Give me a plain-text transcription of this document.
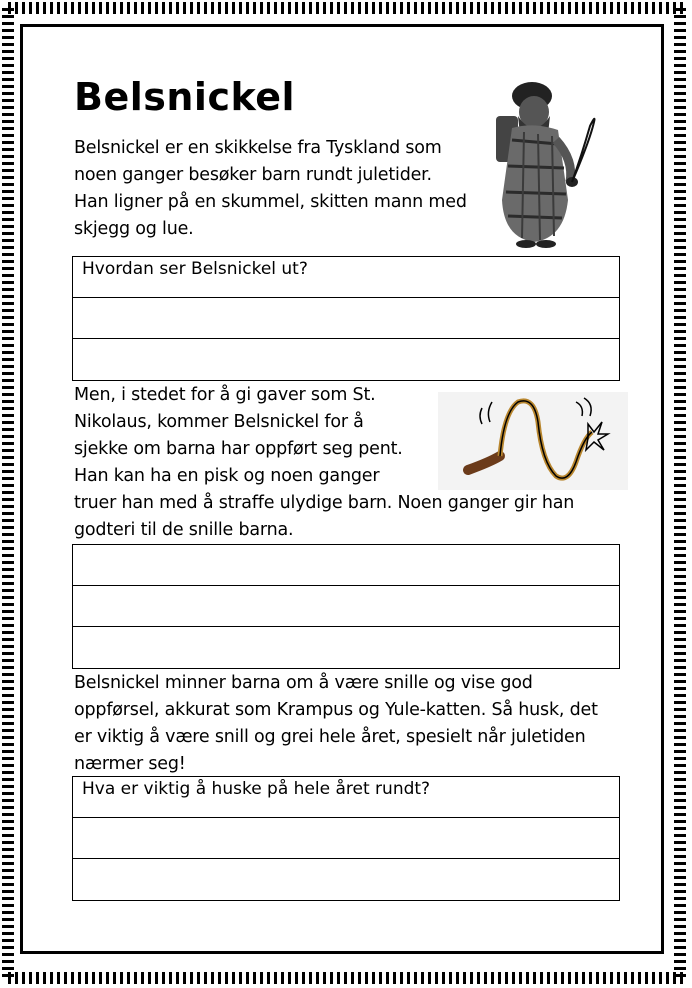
Belsnickel
Belsnickel er en skikkelse fra Tyskland som
noen ganger besøker barn rundt juletider.
Han ligner på en skummel, skitten mann med
skjegg og lue.
Hvordan ser Belsnickel ut?
Men, i stedet for å gi gaver som St.
Nikolaus, kommer Belsnickel for å
sjekke om barna har oppført seg pent.
Han kan ha en pisk og noen ganger
truer han med å straffe ulydige barn. Noen ganger gir han
godteri til de snille barna.
Belsnickel minner barna om å være snille og vise god
oppførsel, akkurat som Krampus og Yule-katten. Så husk, det
er viktig å være snill og grei hele året, spesielt når juletiden
nærmer seg!
Hva er viktig å huske på hele året rundt?
